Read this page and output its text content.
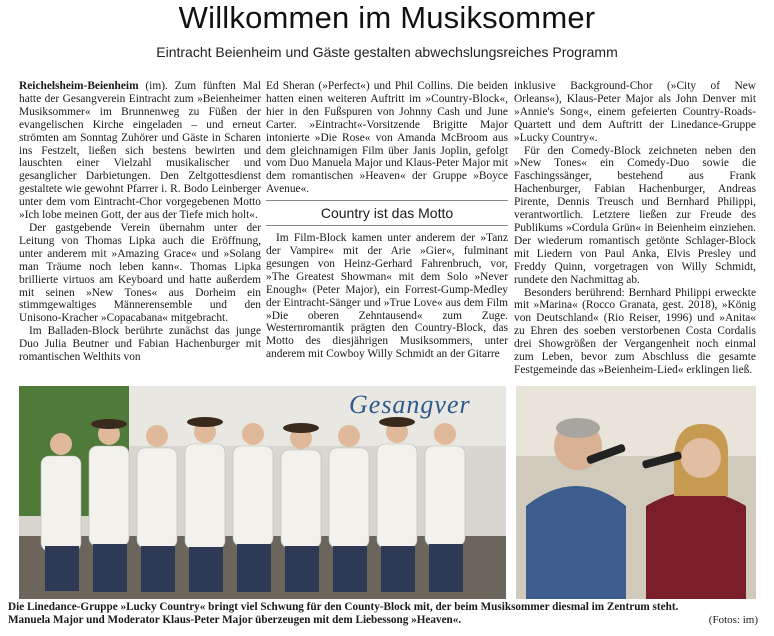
Willkommen im Musiksommer
Eintracht Beienheim und Gäste gestalten abwechslungsreiches Programm

Reichelsheim-Beienheim (im). Zum fünften Mal hatte der Gesangverein Eintracht zum »Beienheimer Musiksommer« im Brunnenweg zu Füßen der evangelischen Kirche eingeladen – und erneut strömten am Sonntag Zuhörer und Gäste in Scharen ins Festzelt, ließen sich bestens bewirten und lauschten einer Vielzahl musikalischer und gesanglicher Darbietungen. Den Zeltgottesdienst gestaltete wie gewohnt Pfarrer i. R. Bodo Leinberger unter dem vom Eintracht-Chor vorgegebenen Motto »Ich lobe meinen Gott, der aus der Tiefe mich holt«.

Der gastgebende Verein übernahm unter der Leitung von Thomas Lipka auch die Eröffnung, unter anderem mit »Amazing Grace« und »Solang man Träume noch leben kann«. Thomas Lipka brillierte virtuos am Keyboard und hatte außerdem mit seinen »New Tones« aus Dorheim ein stimmgewaltiges Männerensemble und den Unisono-Kracher »Copacabana« mitgebracht.

Im Balladen-Block berührte zunächst das junge Duo Julia Beutner und Fabian Hachenburger mit romantischen Welthits von

Ed Sheran (»Perfect«) und Phil Collins. Die beiden hatten einen weiteren Auftritt im »Country-Block«, hier in den Fußspuren von Johnny Cash und June Carter. »Eintracht«-Vorsitzende Brigitte Major intonierte »Die Rose« von Amanda McBroom aus dem gleichnamigen Film über Janis Joplin, gefolgt vom Duo Manuela Major und Klaus-Peter Major mit dem romantischen »Heaven« der Gruppe »Boyce Avenue«.

Country ist das Motto

Im Film-Block kamen unter anderem der »Tanz der Vampire« mit der Arie »Gier«, fulminant gesungen von Heinz-Gerhard Fahrenbruch, vor, »The Greatest Showman« mit dem Solo »Never Enough« (Peter Major), ein Forrest-Gump-Medley der Eintracht-Sänger und »True Love« aus dem Film »Die oberen Zehntausend« zum Zuge. Westernromantik prägten den Country-Block, das Motto des diesjährigen Musiksommers, unter anderem mit Cowboy Willy Schmidt an der Gitarre

inklusive Background-Chor (»City of New Orleans«), Klaus-Peter Major als John Denver mit »Annie's Song«, einem gefeierten Country-Roads-Quartett und dem Auftritt der Linedance-Gruppe »Lucky Country«.

Für den Comedy-Block zeichneten neben den »New Tones« ein Comedy-Duo sowie die Faschingssänger, bestehend aus Frank Hachenburger, Fabian Hachenburger, Andreas Pirente, Dennis Treusch und Bernhard Philippi, verantwortlich. Letztere ließen zur Freude des Publikums »Cordula Grün« in Beienheim einziehen. Der wiederum romantisch getönte Schlager-Block mit Liedern von Paul Anka, Elvis Presley und Freddy Quinn, vorgetragen von Willy Schmidt, rundete den Nachmittag ab.

Besonders berührend: Bernhard Philippi erweckte mit »Marina« (Rocco Granata, gest. 2018), »König von Deutschland« (Rio Reiser, 1996) und »Anita« zu Ehren des soeben verstorbenen Costa Cordalis drei Showgrößen der Vergangenheit noch einmal zum Leben, bevor zum Abschluss die gesamte Festgemeinde das »Beienheim-Lied« erklingen ließ.

Gesangver
Die Linedance-Gruppe »Lucky Country« bringt viel Schwung für den County-Block mit, der beim Musiksommer diesmal im Zentrum steht.
Manuela Major und Moderator Klaus-Peter Major überzeugen mit dem Liebessong »Heaven«.	(Fotos: im)
